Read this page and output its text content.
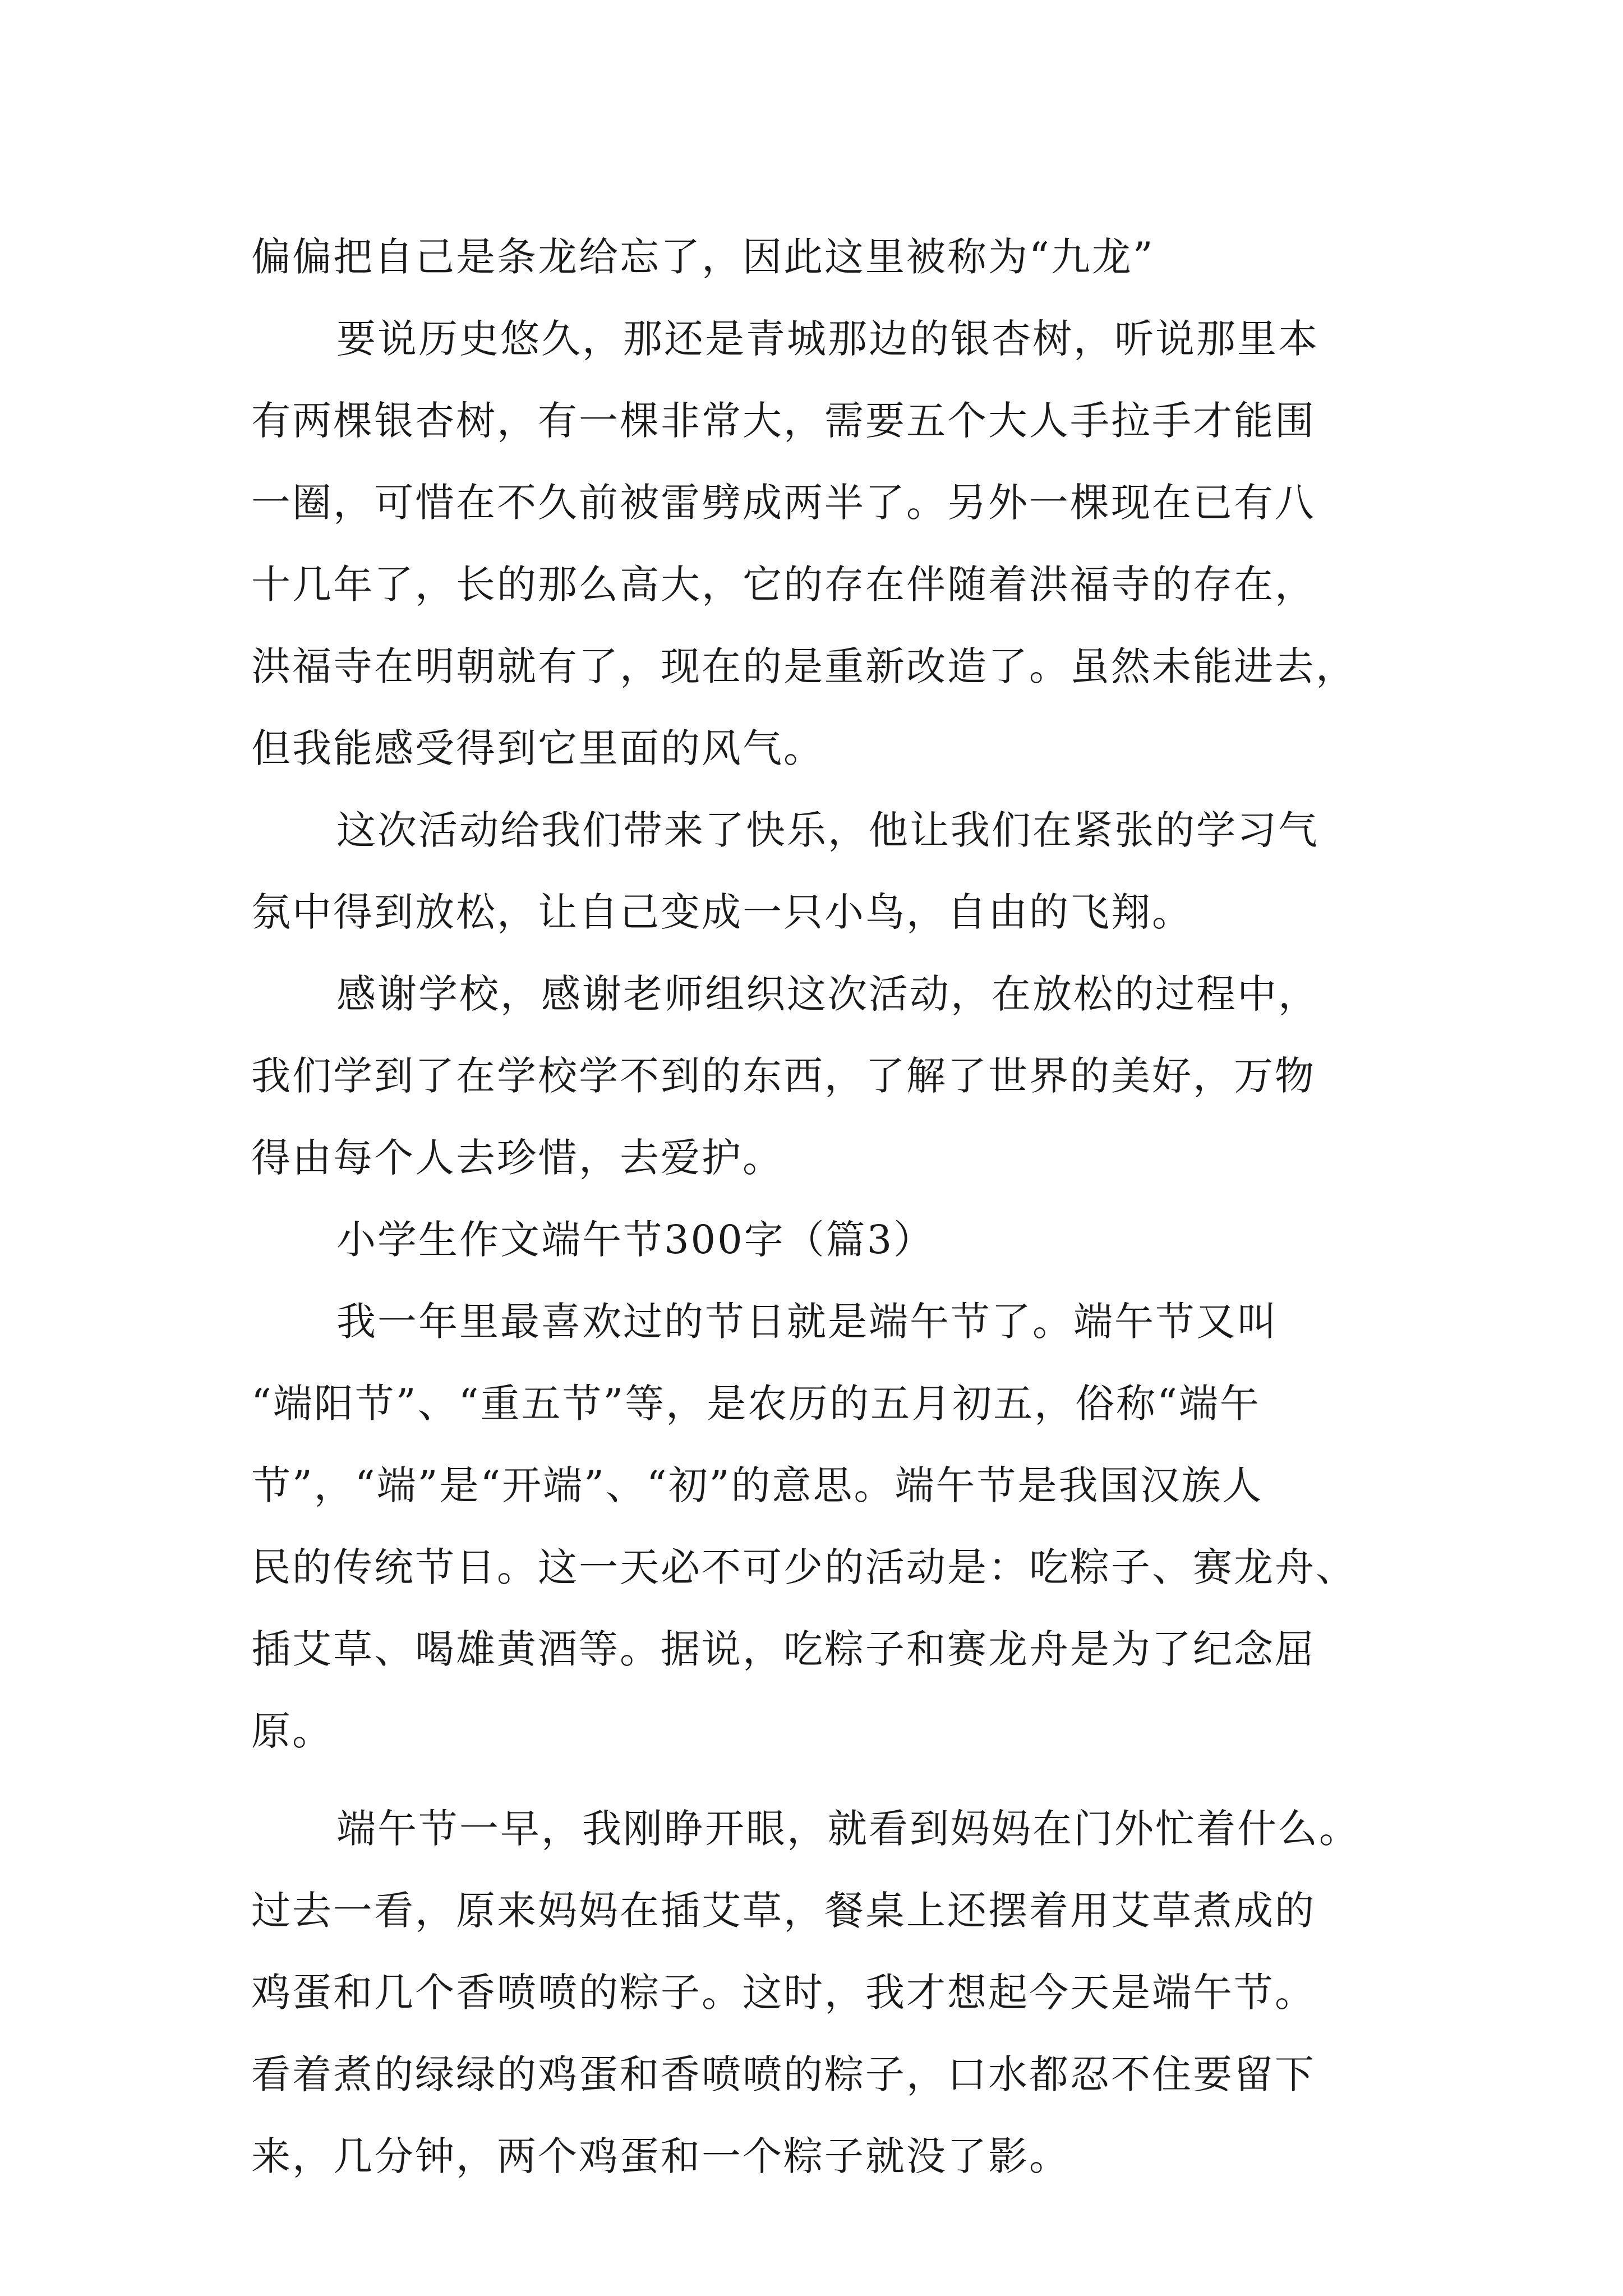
偏偏把自己是条龙给忘了，因此这里被称为“九龙”
要说历史悠久，那还是青城那边的银杏树，听说那里本
有两棵银杏树，有一棵非常大，需要五个大人手拉手才能围
一圈，可惜在不久前被雷劈成两半了。另外一棵现在已有八
十几年了，长的那么高大，它的存在伴随着洪福寺的存在，
洪福寺在明朝就有了，现在的是重新改造了。虽然未能进去，
但我能感受得到它里面的风气。
这次活动给我们带来了快乐，他让我们在紧张的学习气
氛中得到放松，让自己变成一只小鸟，自由的飞翔。
感谢学校，感谢老师组织这次活动，在放松的过程中，
我们学到了在学校学不到的东西，了解了世界的美好，万物
得由每个人去珍惜，去爱护。
小学生作文端午节300字（篇3）
我一年里最喜欢过的节日就是端午节了。端午节又叫
“端阳节”、“重五节”等，是农历的五月初五，俗称“端午
节”，“端”是“开端”、“初”的意思。端午节是我国汉族人
民的传统节日。这一天必不可少的活动是：吃粽子、赛龙舟、
插艾草、喝雄黄酒等。据说，吃粽子和赛龙舟是为了纪念屈
原。
端午节一早，我刚睁开眼，就看到妈妈在门外忙着什么。
过去一看，原来妈妈在插艾草，餐桌上还摆着用艾草煮成的
鸡蛋和几个香喷喷的粽子。这时，我才想起今天是端午节。
看着煮的绿绿的鸡蛋和香喷喷的粽子，口水都忍不住要留下
来，几分钟，两个鸡蛋和一个粽子就没了影。
